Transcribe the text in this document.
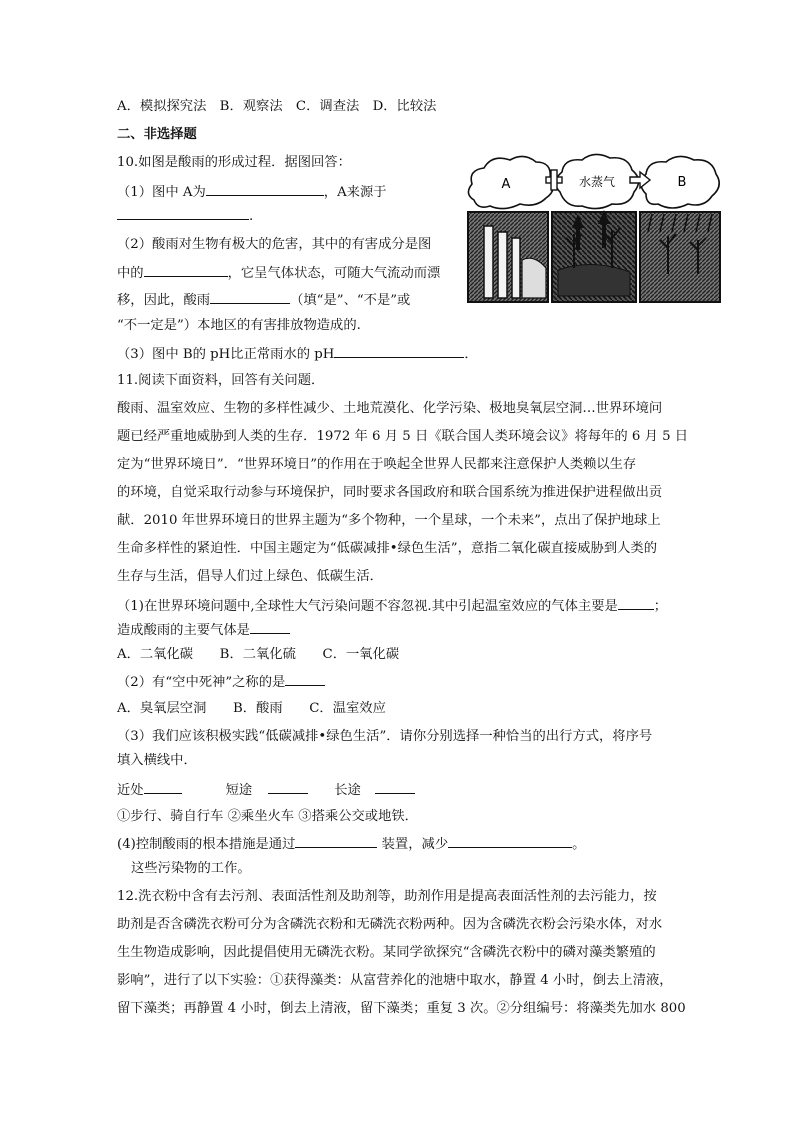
A．模拟探究法　B．观察法　C．调查法　D．比较法
二、非选择题
10.如图是酸雨的形成过程．据图回答：
（1）图中 A为	，A来源于
.
（2）酸雨对生物有极大的危害，其中的有害成分是图
中的	，它呈气体状态，可随大气流动而漂
移，因此，酸雨	（填“是”、“不是”或
“不一定是”）本地区的有害排放物造成的.
（3）图中 B的 pH比正常雨水的 pH	．
A	水蒸气	B
11.阅读下面资料，回答有关问题．
酸雨、温室效应、生物的多样性减少、土地荒漠化、化学污染、极地臭氧层空洞…世界环境问
题已经严重地威胁到人类的生存．1972 年 6 月 5 日《联合国人类环境会议》将每年的 6 月 5 日
定为“世界环境日”．“世界环境日”的作用在于唤起全世界人民都来注意保护人类赖以生存
的环境，自觉采取行动参与环境保护，同时要求各国政府和联合国系统为推进保护进程做出贡
献．2010 年世界环境日的世界主题为“多个物种，一个星球，一个未来”，点出了保护地球上
生命多样性的紧迫性．中国主题定为“低碳减排•绿色生活”，意指二氧化碳直接威胁到人类的
生存与生活，倡导人们过上绿色、低碳生活．
（1)在世界环境问题中,全球性大气污染问题不容忽视.其中引起温室效应的气体主要是	；
造成酸雨的主要气体是
A．二氧化碳　　B．二氧化硫　　C．一氧化碳
（2）有“空中死神”之称的是
A．臭氧层空洞　　B．酸雨　　C．温室效应
（3）我们应该积极实践“低碳减排•绿色生活”．请你分别选择一种恰当的出行方式，将序号
填入横线中．
近处	短途	长途
①步行、骑自行车 ②乘坐火车 ③搭乘公交或地铁．
(4)控制酸雨的根本措施是通过	装置，减少	。
这些污染物的工作。
12.洗衣粉中含有去污剂、表面活性剂及助剂等，助剂作用是提高表面活性剂的去污能力，按
助剂是否含磷洗衣粉可分为含磷洗衣粉和无磷洗衣粉两种。因为含磷洗衣粉会污染水体，对水
生生物造成影响，因此提倡使用无磷洗衣粉。某同学欲探究“含磷洗衣粉中的磷对藻类繁殖的
影响”，进行了以下实验：①获得藻类：从富营养化的池塘中取水，静置 4 小时，倒去上清液，
留下藻类；再静置 4 小时，倒去上清液，留下藻类；重复 3 次。②分组编号：将藻类先加水 800
